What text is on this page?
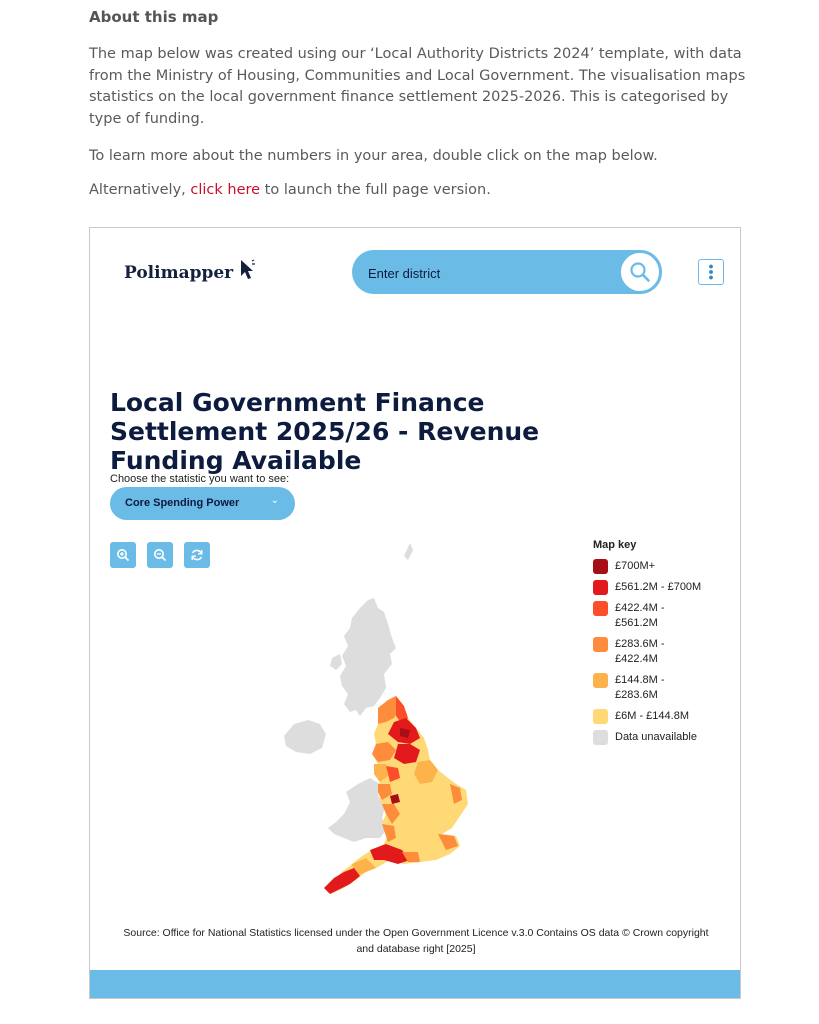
About this map

The map below was created using our ‘Local Authority Districts 2024’ template, with data from the Ministry of Housing, Communities and Local Government. The visualisation maps statistics on the local government finance settlement 2025-2026. This is categorised by type of funding.

To learn more about the numbers in your area, double click on the map below.

Alternatively, click here to launch the full page version.

Polimapper
Enter district
Local Government Finance Settlement 2025/26 - Revenue Funding Available
Choose the statistic you want to see:
Core Spending Power	⌄
Map key
£700M+
£561.2M - £700M
£422.4M - £561.2M
£283.6M - £422.4M
£144.8M - £283.6M
£6M - £144.8M
Data unavailable
Source: Office for National Statistics licensed under the Open Government Licence v.3.0 Contains OS data © Crown copyright and database right [2025]
